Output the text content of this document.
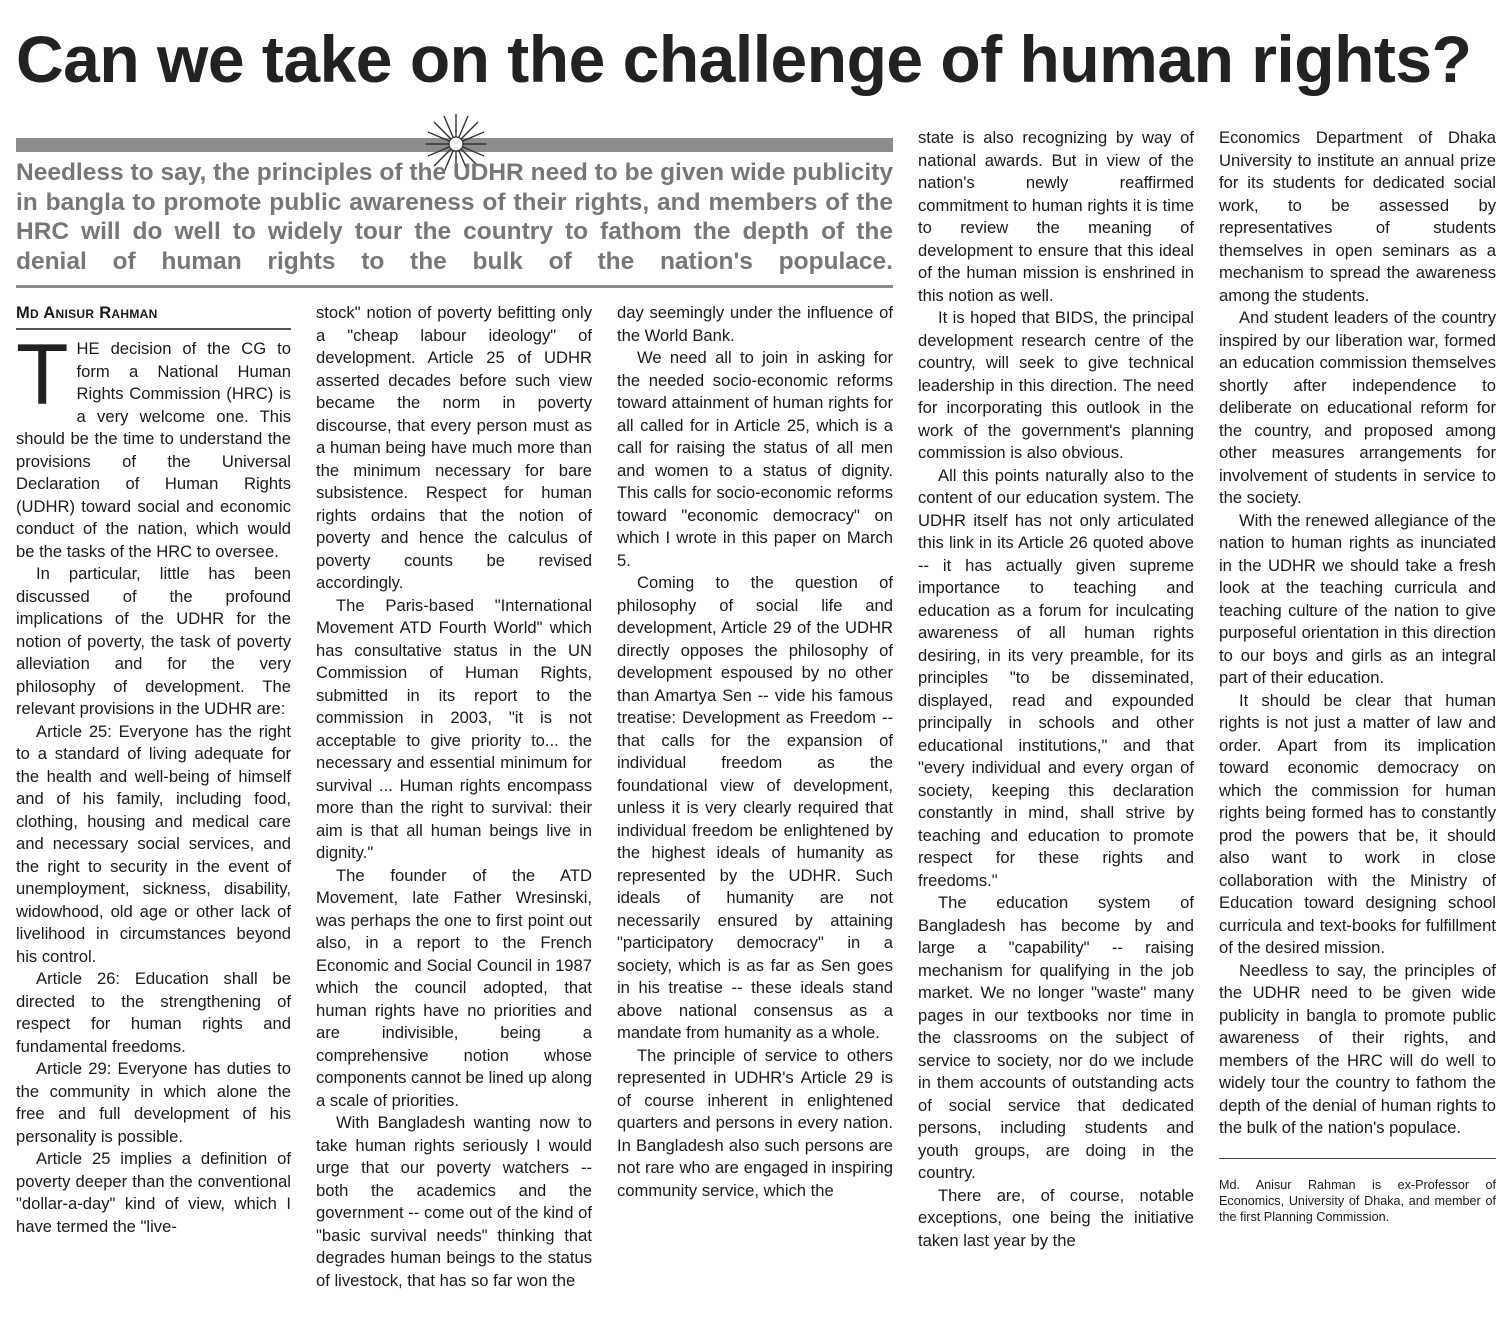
Can we take on the challenge of human rights?

Needless to say, the principles of the UDHR need to be given wide publicity in bangla to promote public awareness of their rights, and members of the HRC will do well to widely tour the country to fathom the depth of the denial of human rights to the bulk of the nation's populace.

Md Anisur Rahman

THE decision of the CG to form a National Human Rights Commission (HRC) is a very welcome one. This should be the time to understand the provisions of the Universal Declaration of Human Rights (UDHR) toward social and economic conduct of the nation, which would be the tasks of the HRC to oversee.

In particular, little has been discussed of the profound implications of the UDHR for the notion of poverty, the task of poverty alleviation and for the very philosophy of development. The relevant provisions in the UDHR are:

Article 25: Everyone has the right to a standard of living adequate for the health and well-being of himself and of his family, including food, clothing, housing and medical care and necessary social services, and the right to security in the event of unemployment, sickness, disability, widowhood, old age or other lack of livelihood in circumstances beyond his control.

Article 26: Education shall be directed to the strengthening of respect for human rights and fundamental freedoms.

Article 29: Everyone has duties to the community in which alone the free and full development of his personality is possible.

Article 25 implies a definition of poverty deeper than the conventional "dollar-a-day" kind of view, which I have termed the "live-

stock" notion of poverty befitting only a "cheap labour ideology" of development. Article 25 of UDHR asserted decades before such view became the norm in poverty discourse, that every person must as a human being have much more than the minimum necessary for bare subsistence. Respect for human rights ordains that the notion of poverty and hence the calculus of poverty counts be revised accordingly.

The Paris-based "International Movement ATD Fourth World" which has consultative status in the UN Commission of Human Rights, submitted in its report to the commission in 2003, "it is not acceptable to give priority to... the necessary and essential minimum for survival ... Human rights encompass more than the right to survival: their aim is that all human beings live in dignity."

The founder of the ATD Movement, late Father Wresinski, was perhaps the one to first point out also, in a report to the French Economic and Social Council in 1987 which the council adopted, that human rights have no priorities and are indivisible, being a comprehensive notion whose components cannot be lined up along a scale of priorities.

With Bangladesh wanting now to take human rights seriously I would urge that our poverty watchers -- both the academics and the government -- come out of the kind of "basic survival needs" thinking that degrades human beings to the status of livestock, that has so far won the

day seemingly under the influence of the World Bank.

We need all to join in asking for the needed socio-economic reforms toward attainment of human rights for all called for in Article 25, which is a call for raising the status of all men and women to a status of dignity. This calls for socio-economic reforms toward "economic democracy" on which I wrote in this paper on March 5.

Coming to the question of philosophy of social life and development, Article 29 of the UDHR directly opposes the philosophy of development espoused by no other than Amartya Sen -- vide his famous treatise: Development as Freedom -- that calls for the expansion of individual freedom as the foundational view of development, unless it is very clearly required that individual freedom be enlightened by the highest ideals of humanity as represented by the UDHR. Such ideals of humanity are not necessarily ensured by attaining "participatory democracy" in a society, which is as far as Sen goes in his treatise -- these ideals stand above national consensus as a mandate from humanity as a whole.

The principle of service to others represented in UDHR's Article 29 is of course inherent in enlightened quarters and persons in every nation. In Bangladesh also such persons are not rare who are engaged in inspiring community service, which the

state is also recognizing by way of national awards. But in view of the nation's newly reaffirmed commitment to human rights it is time to review the meaning of development to ensure that this ideal of the human mission is enshrined in this notion as well.

It is hoped that BIDS, the principal development research centre of the country, will seek to give technical leadership in this direction. The need for incorporating this outlook in the work of the government's planning commission is also obvious.

All this points naturally also to the content of our education system. The UDHR itself has not only articulated this link in its Article 26 quoted above -- it has actually given supreme importance to teaching and education as a forum for inculcating awareness of all human rights desiring, in its very preamble, for its principles "to be disseminated, displayed, read and expounded principally in schools and other educational institutions," and that "every individual and every organ of society, keeping this declaration constantly in mind, shall strive by teaching and education to promote respect for these rights and freedoms."

The education system of Bangladesh has become by and large a "capability" -- raising mechanism for qualifying in the job market. We no longer "waste" many pages in our textbooks nor time in the classrooms on the subject of service to society, nor do we include in them accounts of outstanding acts of social service that dedicated persons, including students and youth groups, are doing in the country.

There are, of course, notable exceptions, one being the initiative taken last year by the

Economics Department of Dhaka University to institute an annual prize for its students for dedicated social work, to be assessed by representatives of students themselves in open seminars as a mechanism to spread the awareness among the students.

And student leaders of the country inspired by our liberation war, formed an education commission themselves shortly after independence to deliberate on educational reform for the country, and proposed among other measures arrangements for involvement of students in service to the society.

With the renewed allegiance of the nation to human rights as inunciated in the UDHR we should take a fresh look at the teaching curricula and teaching culture of the nation to give purposeful orientation in this direction to our boys and girls as an integral part of their education.

It should be clear that human rights is not just a matter of law and order. Apart from its implication toward economic democracy on which the commission for human rights being formed has to constantly prod the powers that be, it should also want to work in close collaboration with the Ministry of Education toward designing school curricula and text-books for fulfillment of the desired mission.

Needless to say, the principles of the UDHR need to be given wide publicity in bangla to promote public awareness of their rights, and members of the HRC will do well to widely tour the country to fathom the depth of the denial of human rights to the bulk of the nation's populace.

Md. Anisur Rahman is ex-Professor of Economics, University of Dhaka, and member of the first Planning Commission.
